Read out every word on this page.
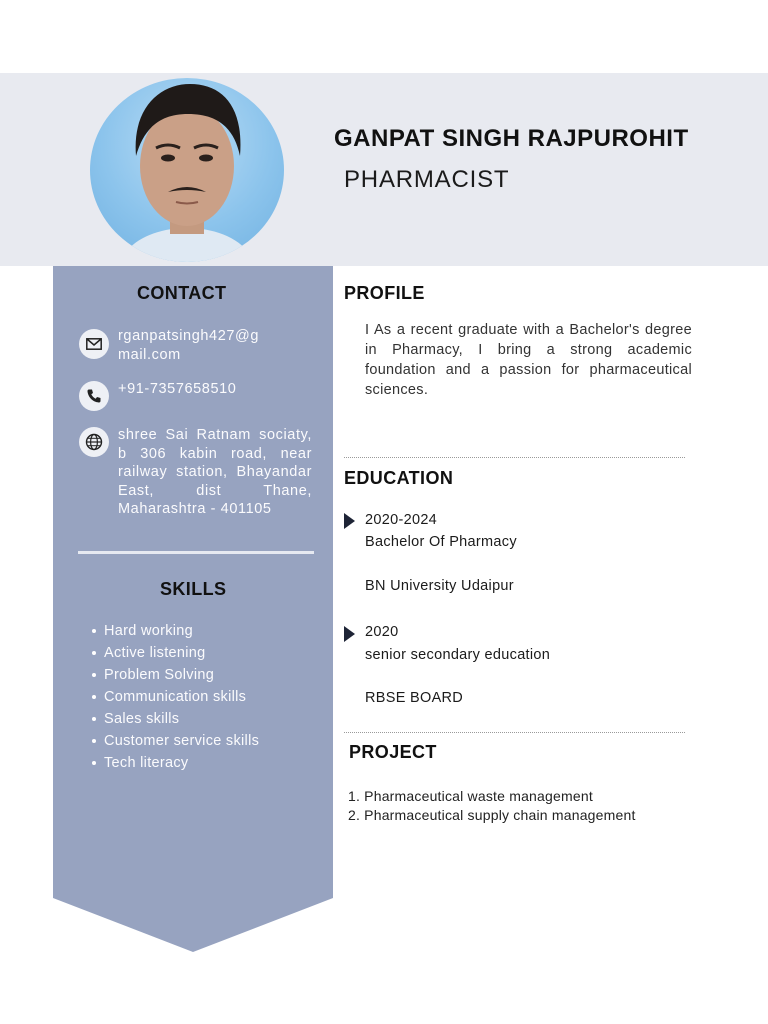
GANPAT SINGH RAJPUROHIT
PHARMACIST
CONTACT
rganpatsingh427@g
mail.com
+91-7357658510
shree Sai Ratnam sociaty, b 306 kabin road, near railway station, Bhayandar East, dist Thane, Maharashtra - 401105
SKILLS
Hard working
Active listening
Problem Solving
Communication skills
Sales skills
Customer service skills
Tech literacy
PROFILE
I As a recent graduate with a Bachelor's degree in Pharmacy, I bring a strong academic foundation and a passion for pharmaceutical sciences.
EDUCATION
2020-2024
Bachelor Of Pharmacy
BN University Udaipur
2020
senior secondary education
RBSE BOARD
PROJECT
1. Pharmaceutical waste management
2. Pharmaceutical supply chain management
